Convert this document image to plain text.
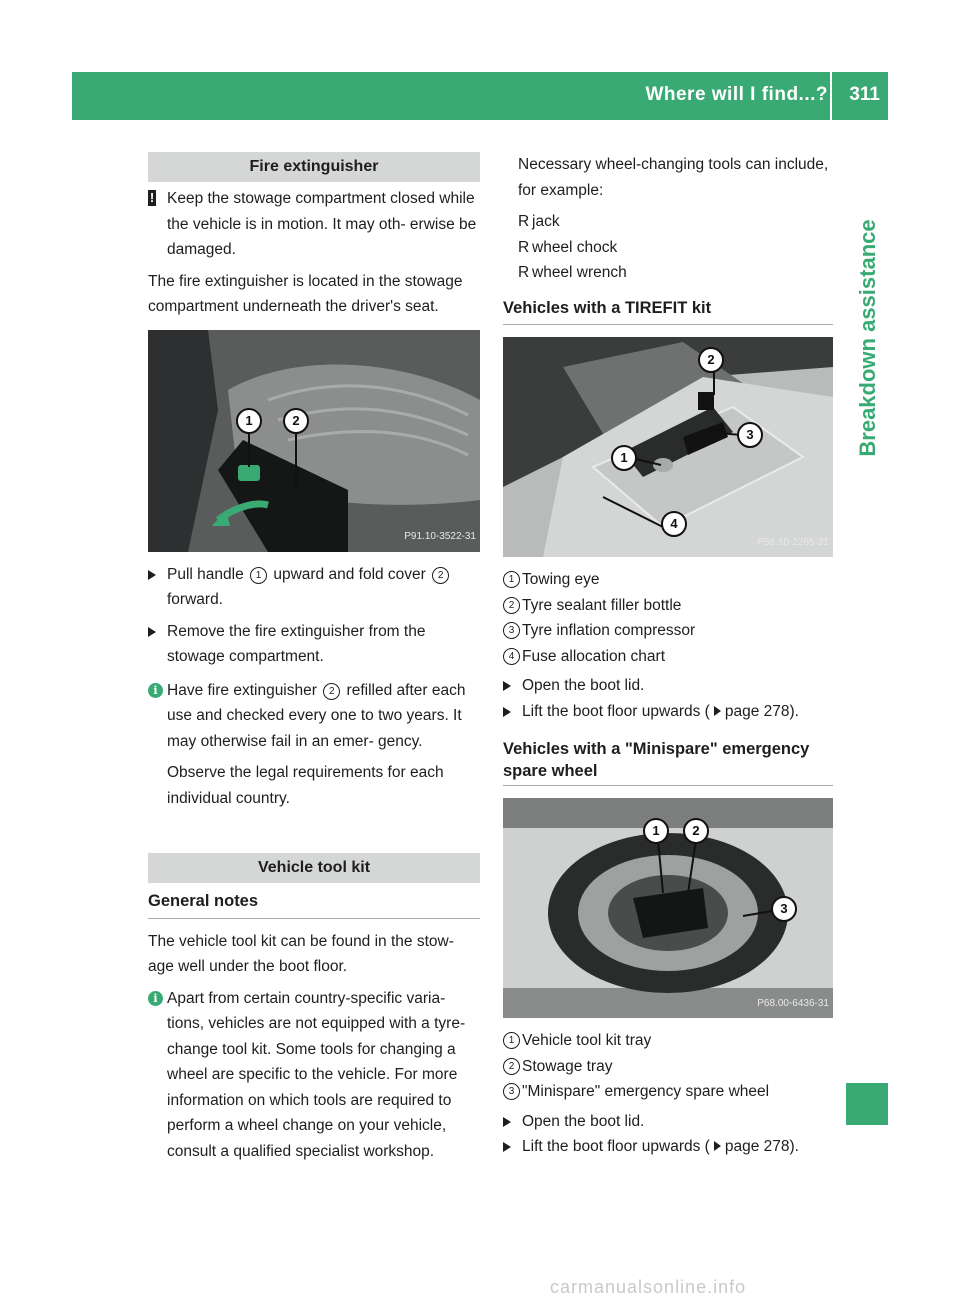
Where will I find...? 311
Breakdown assistance
Fire extinguisher

! Keep the stowage compartment closed while the vehicle is in motion. It may oth- erwise be damaged.

The fire extinguisher is located in the stowage compartment underneath the driver's seat.

1	2
P91.10-3522-31

Pull handle 1 upward and fold cover 2 forward.

Remove the fire extinguisher from the stowage compartment.

i Have fire extinguisher 2 refilled after each use and checked every one to two years. It may otherwise fail in an emer- gency.

Observe the legal requirements for each individual country.

Vehicle tool kit
General notes

The vehicle tool kit can be found in the stow- age well under the boot floor.

i Apart from certain country-specific varia- tions, vehicles are not equipped with a tyre- change tool kit. Some tools for changing a wheel are specific to the vehicle. For more information on which tools are required to perform a wheel change on your vehicle, consult a qualified specialist workshop.

Necessary wheel-changing tools can include, for example:

R jack

R wheel chock

R wheel wrench

Vehicles with a TIREFIT kit
2
3
1
4
P58.10-2265-31

1 Towing eye

2 Tyre sealant filler bottle

3 Tyre inflation compressor

4 Fuse allocation chart

Open the boot lid.

Lift the boot floor upwards ( page 278).

Vehicles with a "Minispare" emergency spare wheel
1	2
3
P68.00-6436-31

1 Vehicle tool kit tray

2 Stowage tray

3 "Minispare" emergency spare wheel

Open the boot lid.

Lift the boot floor upwards ( page 278).

carmanualsonline.info
